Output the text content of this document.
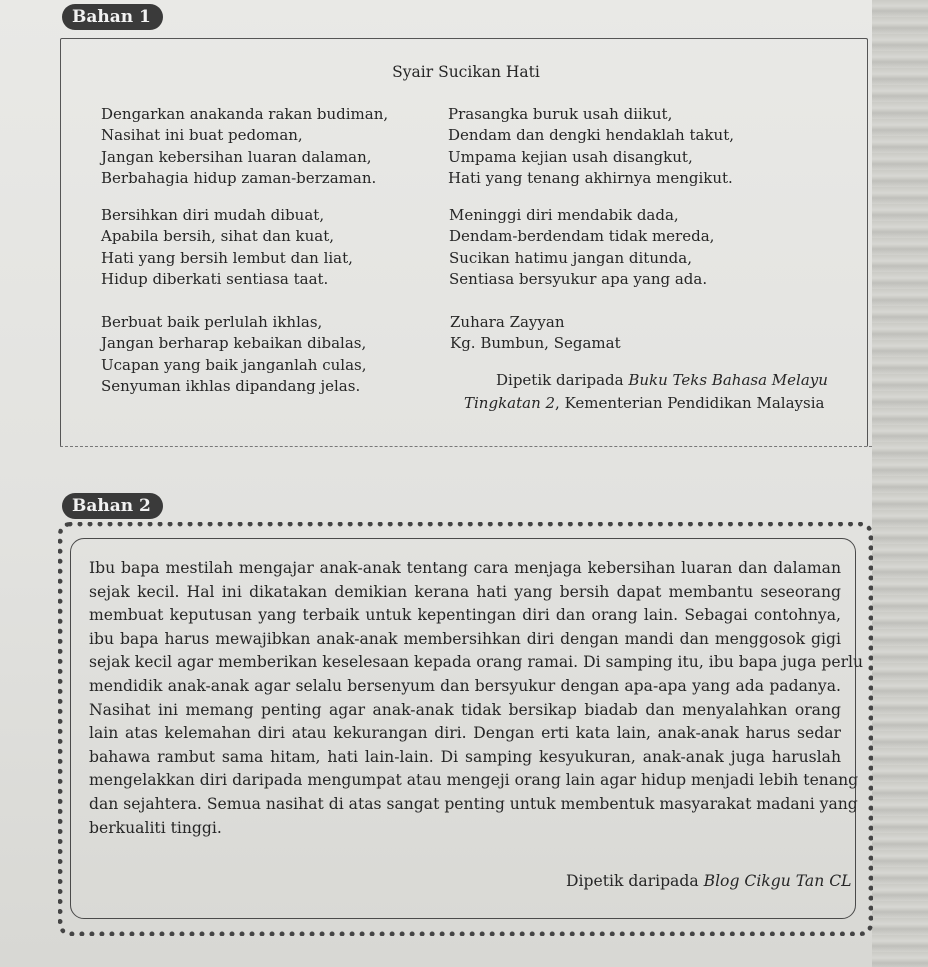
Bahan 1
Syair Sucikan Hati
Dengarkan anakanda rakan budiman,
Nasihat ini buat pedoman,
Jangan kebersihan luaran dalaman,
Berbahagia hidup zaman-berzaman.
Prasangka buruk usah diikut,
Dendam dan dengki hendaklah takut,
Umpama kejian usah disangkut,
Hati yang tenang akhirnya mengikut.
Bersihkan diri mudah dibuat,
Apabila bersih, sihat dan kuat,
Hati yang bersih lembut dan liat,
Hidup diberkati sentiasa taat.
Meninggi diri mendabik dada,
Dendam-berdendam tidak mereda,
Sucikan hatimu jangan ditunda,
Sentiasa bersyukur apa yang ada.
Berbuat baik perlulah ikhlas,
Jangan berharap kebaikan dibalas,
Ucapan yang baik janganlah culas,
Senyuman ikhlas dipandang jelas.
Zuhara Zayyan
Kg. Bumbun, Segamat
Dipetik daripada Buku Teks Bahasa Melayu
Tingkatan 2, Kementerian Pendidikan Malaysia
Bahan 2
Ibu bapa mestilah mengajar anak-anak tentang cara menjaga kebersihan luaran dan dalaman
sejak kecil. Hal ini dikatakan demikian kerana hati yang bersih dapat membantu seseorang
membuat keputusan yang terbaik untuk kepentingan diri dan orang lain. Sebagai contohnya,
ibu bapa harus mewajibkan anak-anak membersihkan diri dengan mandi dan menggosok gigi
sejak kecil agar memberikan keselesaan kepada orang ramai. Di samping itu, ibu bapa juga perlu
mendidik anak-anak agar selalu bersenyum dan bersyukur dengan apa-apa yang ada padanya.
Nasihat ini memang penting agar anak-anak tidak bersikap biadab dan menyalahkan orang
lain atas kelemahan diri atau kekurangan diri. Dengan erti kata lain, anak-anak harus sedar
bahawa rambut sama hitam, hati lain-lain. Di samping kesyukuran, anak-anak juga haruslah
mengelakkan diri daripada mengumpat atau mengeji orang lain agar hidup menjadi lebih tenang
dan sejahtera. Semua nasihat di atas sangat penting untuk membentuk masyarakat madani yang
berkualiti tinggi.
Dipetik daripada Blog Cikgu Tan CL
